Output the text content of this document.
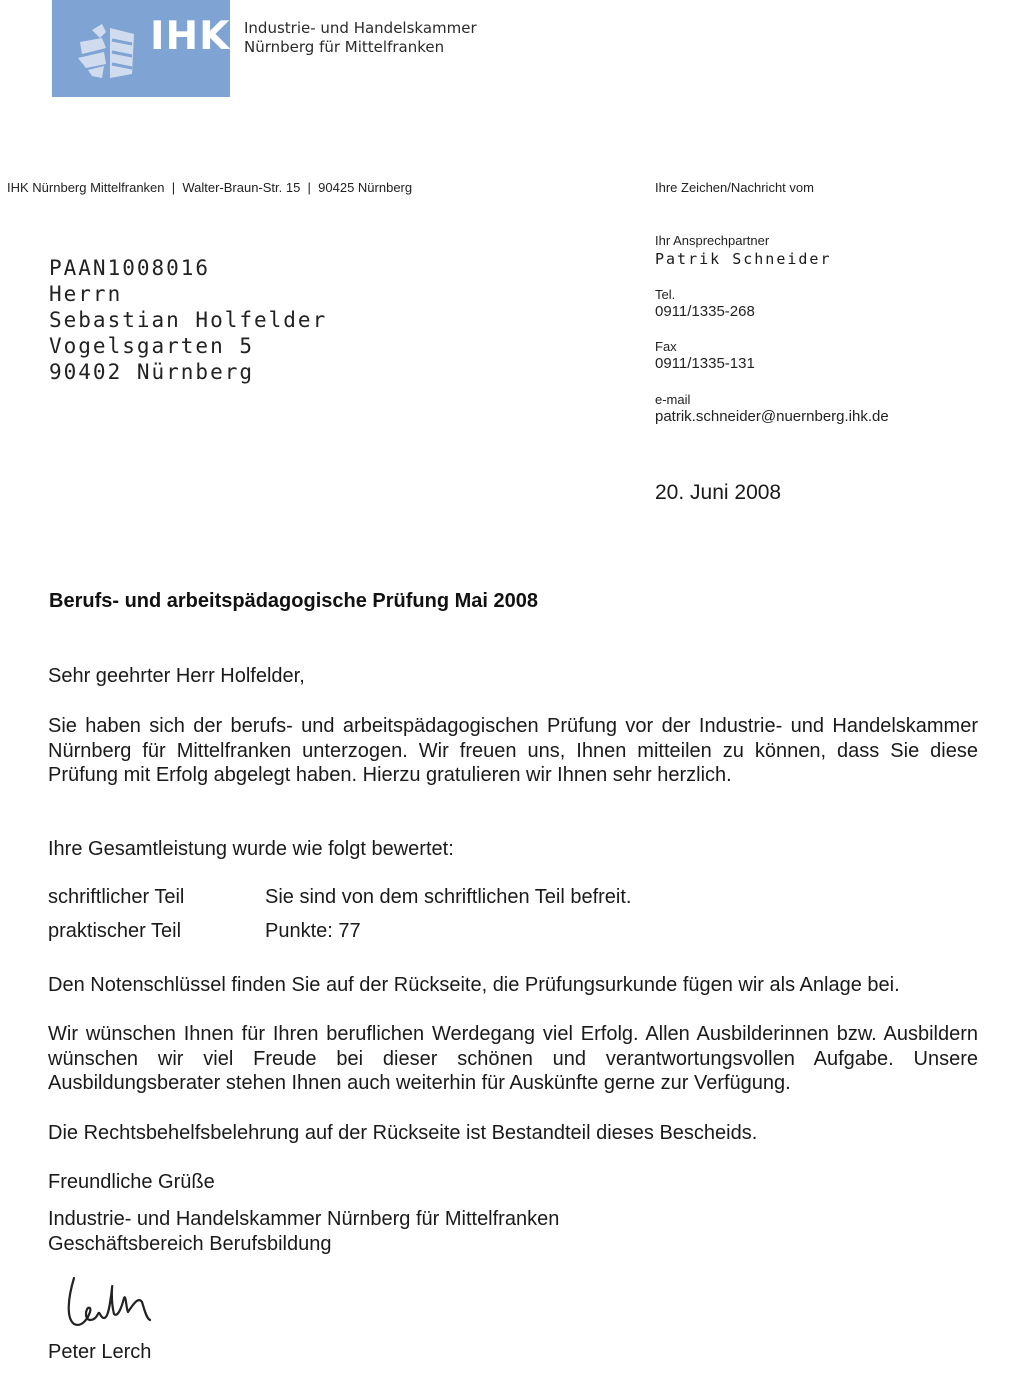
IHK Industrie- und Handelskammer
Nürnberg für Mittelfranken
IHK Nürnberg Mittelfranken  |  Walter-Braun-Str. 15  |  90425 Nürnberg	Ihre Zeichen/Nachricht vom
Ihr Ansprechpartner
Patrik Schneider
Tel.
0911/1335-268
Fax
0911/1335-131
e-mail
patrik.schneider@nuernberg.ihk.de
PAAN1008016
Herrn
Sebastian Holfelder
Vogelsgarten 5
90402 Nürnberg
20. Juni 2008
Berufs- und arbeitspädagogische Prüfung Mai 2008
Sehr geehrter Herr Holfelder,
Sie haben sich der berufs- und arbeitspädagogischen Prüfung vor der Industrie- und Handelskammer Nürnberg für Mittelfranken unterzogen. Wir freuen uns, Ihnen mitteilen zu können, dass Sie diese Prüfung mit Erfolg abgelegt haben. Hierzu gratulieren wir Ihnen sehr herzlich.
Ihre Gesamtleistung wurde wie folgt bewertet:
schriftlicher Teil	Sie sind von dem schriftlichen Teil befreit.
praktischer Teil	Punkte: 77
Den Notenschlüssel finden Sie auf der Rückseite, die Prüfungsurkunde fügen wir als Anlage bei.
Wir wünschen Ihnen für Ihren beruflichen Werdegang viel Erfolg. Allen Ausbilderinnen bzw. Ausbildern wünschen wir viel Freude bei dieser schönen und verantwortungsvollen Aufgabe. Unsere Ausbildungsberater stehen Ihnen auch weiterhin für Auskünfte gerne zur Verfügung.
Die Rechtsbehelfsbelehrung auf der Rückseite ist Bestandteil dieses Bescheids.
Freundliche Grüße
Industrie- und Handelskammer Nürnberg für Mittelfranken
Geschäftsbereich Berufsbildung
Peter Lerch
